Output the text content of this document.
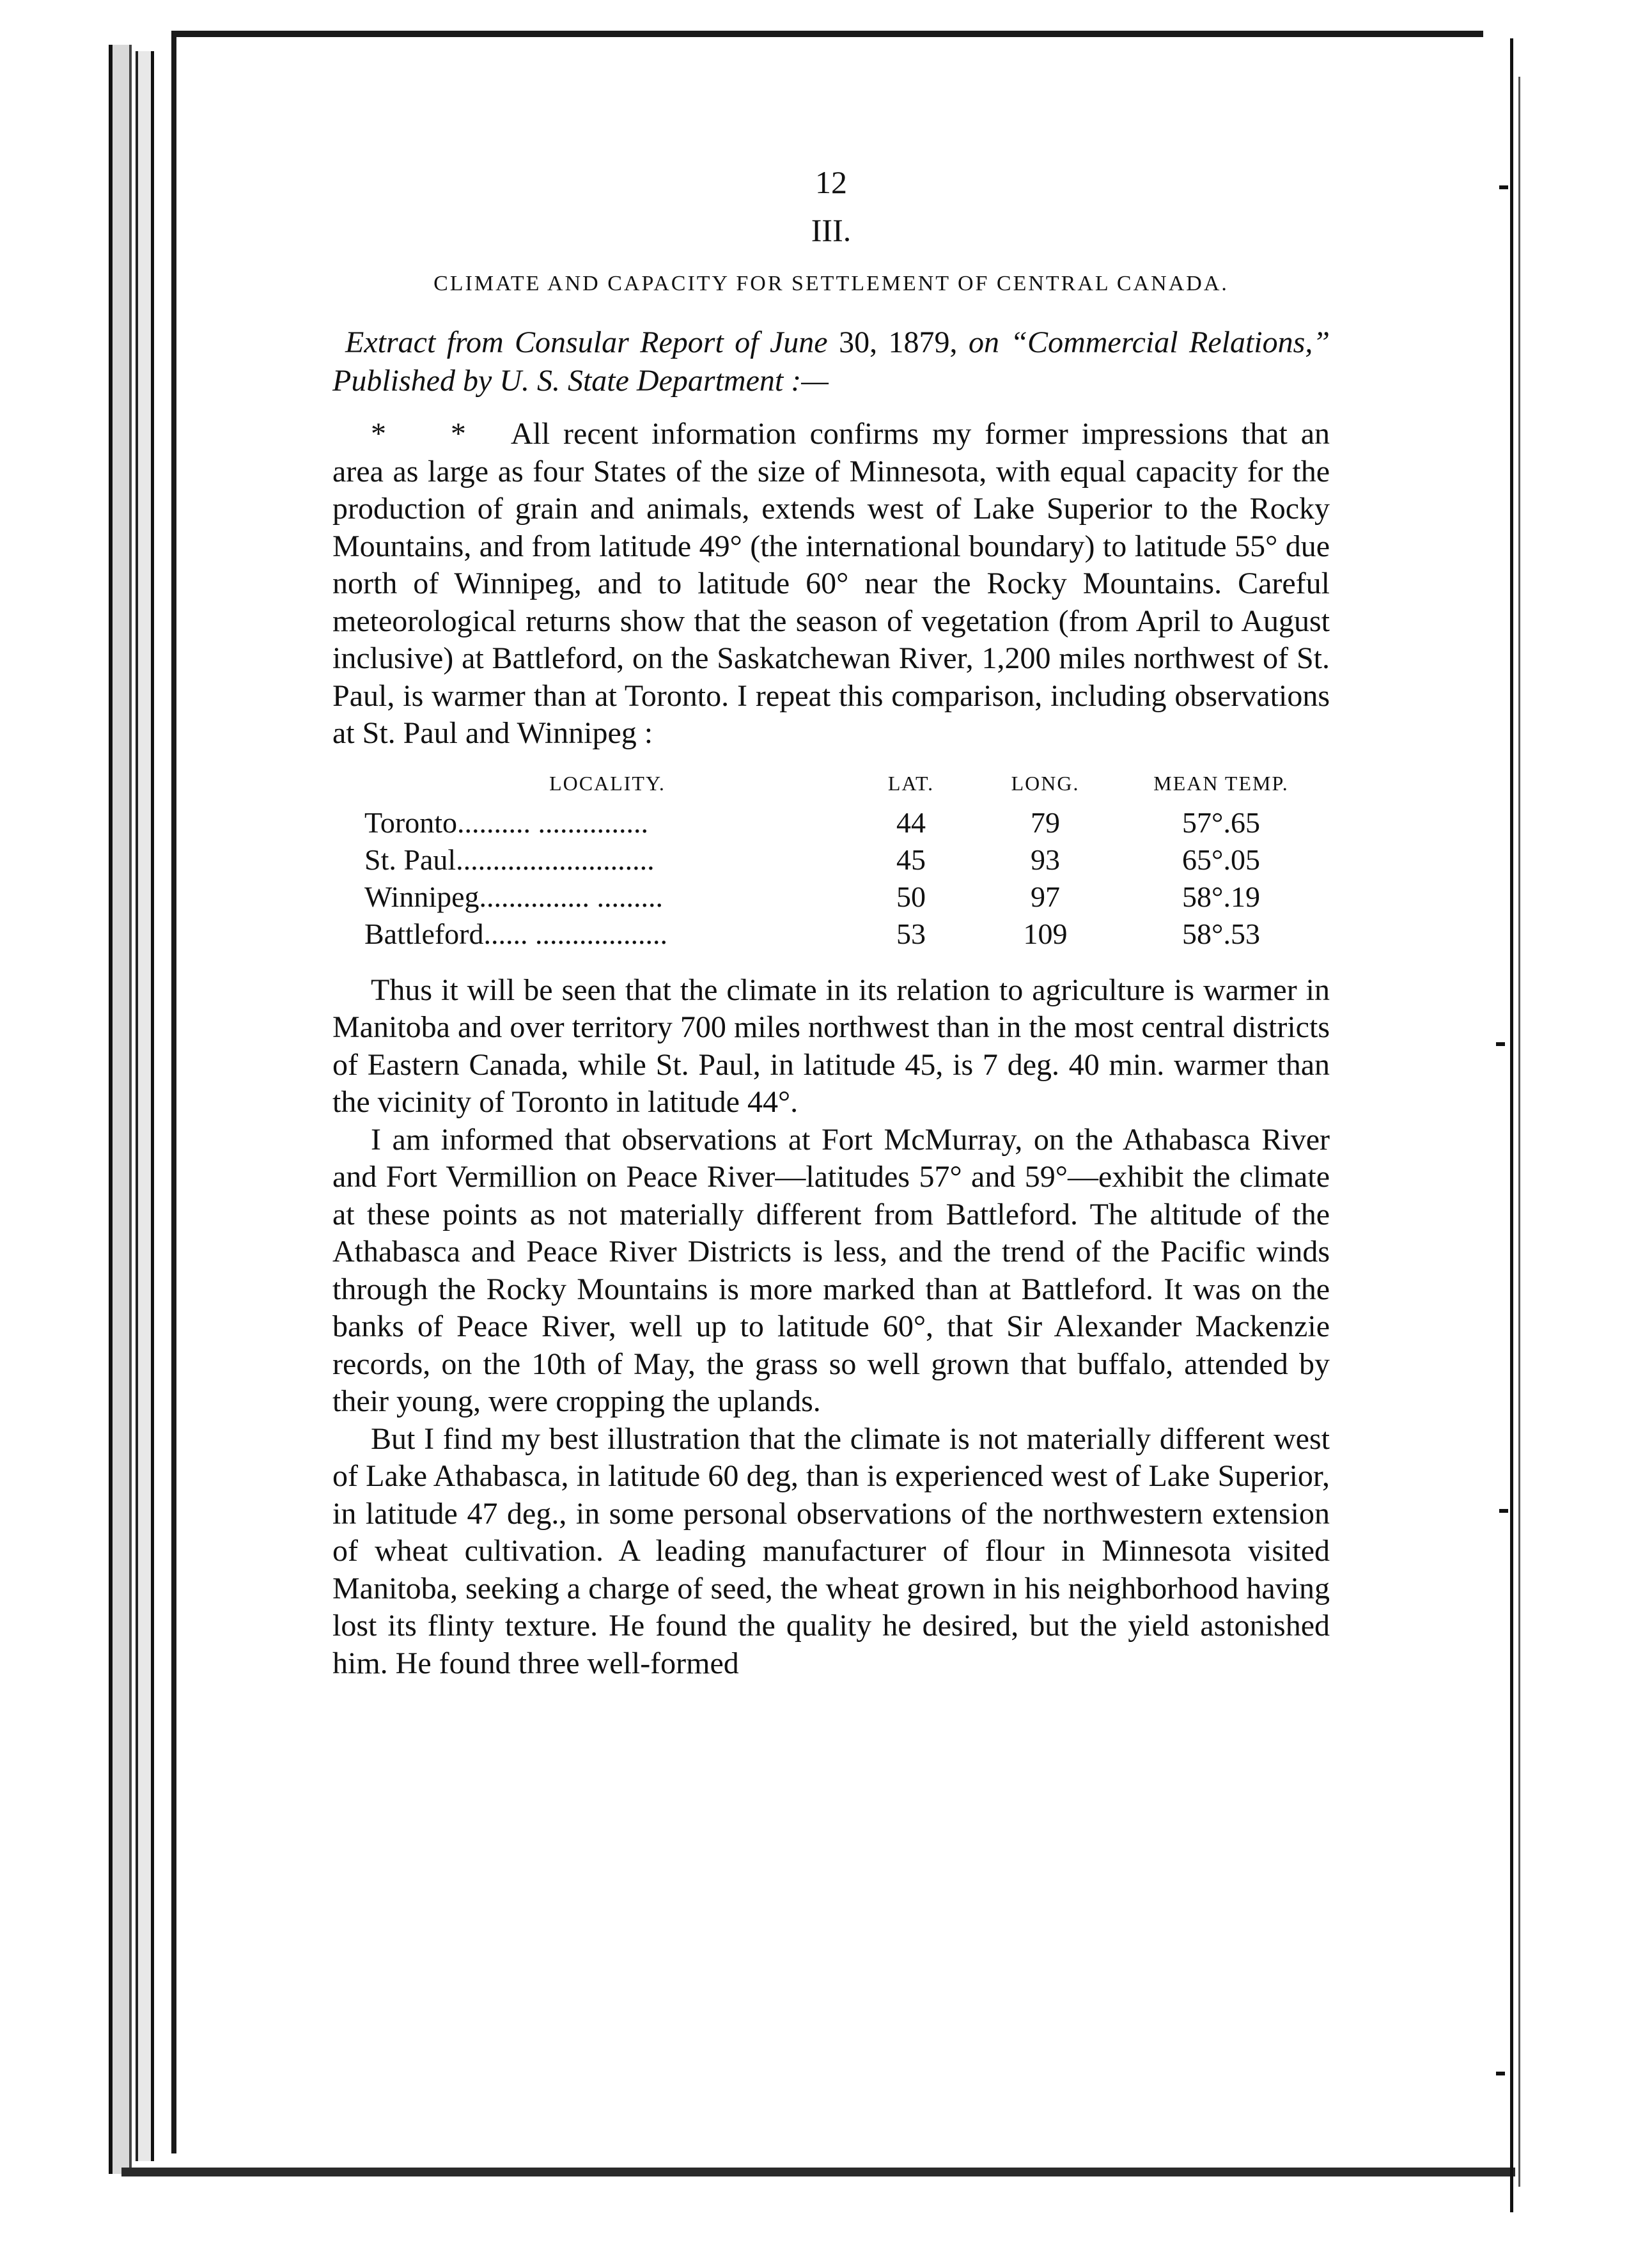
12
III.
CLIMATE AND CAPACITY FOR SETTLEMENT OF CENTRAL CANADA.

Extract from Consular Report of June 30, 1879, on “Commercial Relations,” Published by U. S. State Department :—

* * All recent information confirms my former impressions that an area as large as four States of the size of Minnesota, with equal capacity for the production of grain and animals, extends west of Lake Superior to the Rocky Mountains, and from latitude 49° (the international boundary) to latitude 55° due north of Winnipeg, and to latitude 60° near the Rocky Mountains. Careful meteorological returns show that the season of vegetation (from April to August inclusive) at Battleford, on the Saskatchewan River, 1,200 miles northwest of St. Paul, is warmer than at Toronto. I repeat this comparison, including observations at St. Paul and Winnipeg :

LOCALITY.	LAT.	LONG.	MEAN TEMP.
Toronto.......... ...............	44	79	57°.65
St. Paul...........................	45	93	65°.05
Winnipeg............... .........	50	97	58°.19
Battleford...... ..................	53	109	58°.53

Thus it will be seen that the climate in its relation to agriculture is warmer in Manitoba and over territory 700 miles northwest than in the most central districts of Eastern Canada, while St. Paul, in latitude 45, is 7 deg. 40 min. warmer than the vicinity of Toronto in latitude 44°.

I am informed that observations at Fort McMurray, on the Athabasca River and Fort Vermillion on Peace River—latitudes 57° and 59°—exhibit the climate at these points as not materially different from Battleford. The altitude of the Athabasca and Peace River Districts is less, and the trend of the Pacific winds through the Rocky Mountains is more marked than at Battleford. It was on the banks of Peace River, well up to latitude 60°, that Sir Alexander Mackenzie records, on the 10th of May, the grass so well grown that buffalo, attended by their young, were cropping the uplands.

But I find my best illustration that the climate is not materially different west of Lake Athabasca, in latitude 60 deg, than is experienced west of Lake Superior, in latitude 47 deg., in some personal observations of the northwestern extension of wheat cultivation. A leading manufacturer of flour in Minnesota visited Manitoba, seeking a charge of seed, the wheat grown in his neighborhood having lost its flinty texture. He found the quality he desired, but the yield astonished him. He found three well-formed
